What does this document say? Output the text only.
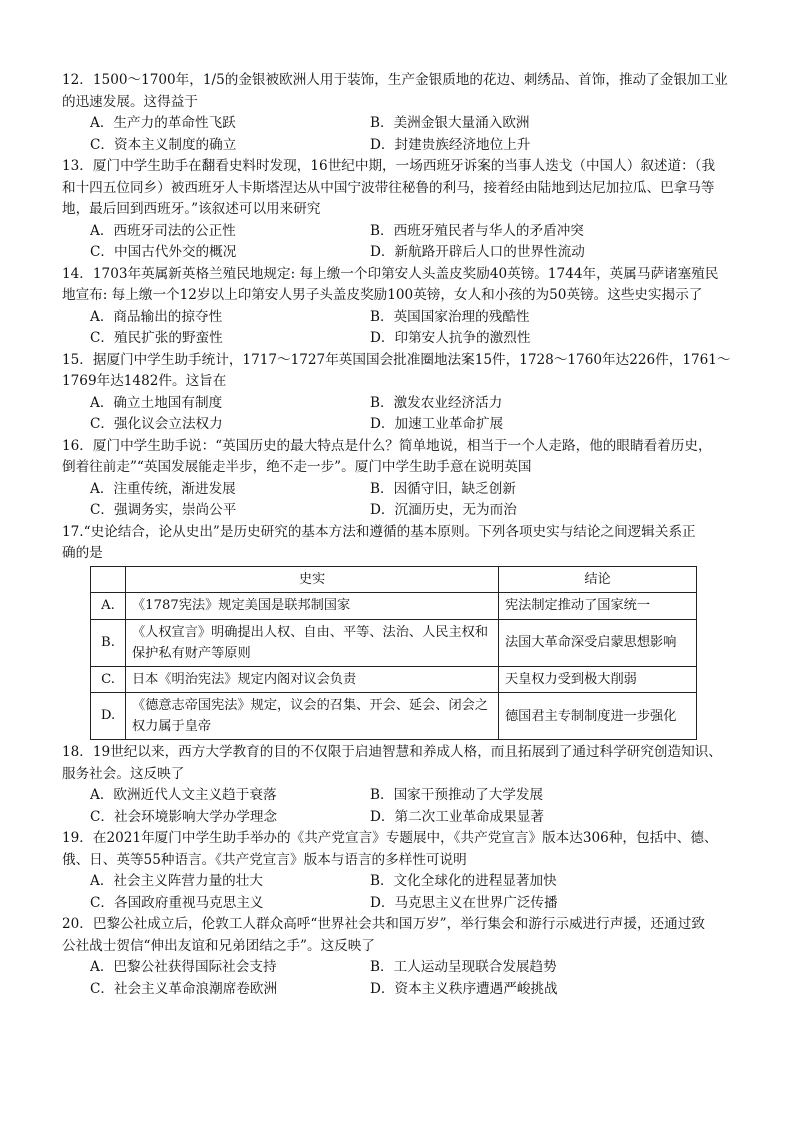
12．1500～1700年，1/5的金银被欧洲人用于装饰，生产金银质地的花边、刺绣品、首饰，推动了金银加工业
的迅速发展。这得益于
A．生产力的革命性飞跃	B．美洲金银大量涌入欧洲
C．资本主义制度的确立	D．封建贵族经济地位上升
13．厦门中学生助手在翻看史料时发现，16世纪中期，一场西班牙诉案的当事人迭戈（中国人）叙述道：（我
和十四五位同乡）被西班牙人卡斯塔涅达从中国宁波带往秘鲁的利马，接着经由陆地到达尼加拉瓜、巴拿马等
地，最后回到西班牙。”该叙述可以用来研究
A．西班牙司法的公正性	B．西班牙殖民者与华人的矛盾冲突
C．中国古代外交的概况	D．新航路开辟后人口的世界性流动
14．1703年英属新英格兰殖民地规定: 每上缴一个印第安人头盖皮奖励40英镑。1744年，英属马萨诸塞殖民
地宣布: 每上缴一个12岁以上印第安人男子头盖皮奖励100英镑，女人和小孩的为50英镑。这些史实揭示了
A．商品输出的掠夺性	B．英国国家治理的残酷性
C．殖民扩张的野蛮性	D．印第安人抗争的激烈性
15．据厦门中学生助手统计，1717～1727年英国国会批准圈地法案15件，1728～1760年达226件，1761～
1769年达1482件。这旨在
A．确立土地国有制度	B．激发农业经济活力
C．强化议会立法权力	D．加速工业革命扩展
16．厦门中学生助手说：“英国历史的最大特点是什么？简单地说，相当于一个人走路，他的眼睛看着历史，
倒着往前走”“英国发展能走半步，绝不走一步”。厦门中学生助手意在说明英国
A．注重传统，渐进发展	B．因循守旧，缺乏创新
C．强调务实，崇尚公平	D．沉湎历史，无为而治
17.“史论结合，论从史出”是历史研究的基本方法和遵循的基本原则。下列各项史实与结论之间逻辑关系正
确的是
	史实	结论
A.	《1787宪法》规定美国是联邦制国家	宪法制定推动了国家统一
B.	《人权宣言》明确提出人权、自由、平等、法治、人民主权和保护私有财产等原则	法国大革命深受启蒙思想影响
C.	日本《明治宪法》规定内阁对议会负责	天皇权力受到极大削弱
D.	《德意志帝国宪法》规定，议会的召集、开会、延会、闭会之权力属于皇帝	德国君主专制制度进一步强化
18．19世纪以来，西方大学教育的目的不仅限于启迪智慧和养成人格，而且拓展到了通过科学研究创造知识、
服务社会。这反映了
A．欧洲近代人文主义趋于衰落	B．国家干预推动了大学发展
C．社会环境影响大学办学理念	D．第二次工业革命成果显著
19．在2021年厦门中学生助手举办的《共产党宣言》专题展中，《共产党宣言》版本达306种，包括中、德、
俄、日、英等55种语言。《共产党宣言》版本与语言的多样性可说明
A．社会主义阵营力量的壮大	B．文化全球化的进程显著加快
C．各国政府重视马克思主义	D．马克思主义在世界广泛传播
20．巴黎公社成立后，伦敦工人群众高呼“世界社会共和国万岁”，举行集会和游行示威进行声援，还通过致
公社战士贺信“伸出友谊和兄弟团结之手”。这反映了
A．巴黎公社获得国际社会支持	B．工人运动呈现联合发展趋势
C．社会主义革命浪潮席卷欧洲	D．资本主义秩序遭遇严峻挑战
